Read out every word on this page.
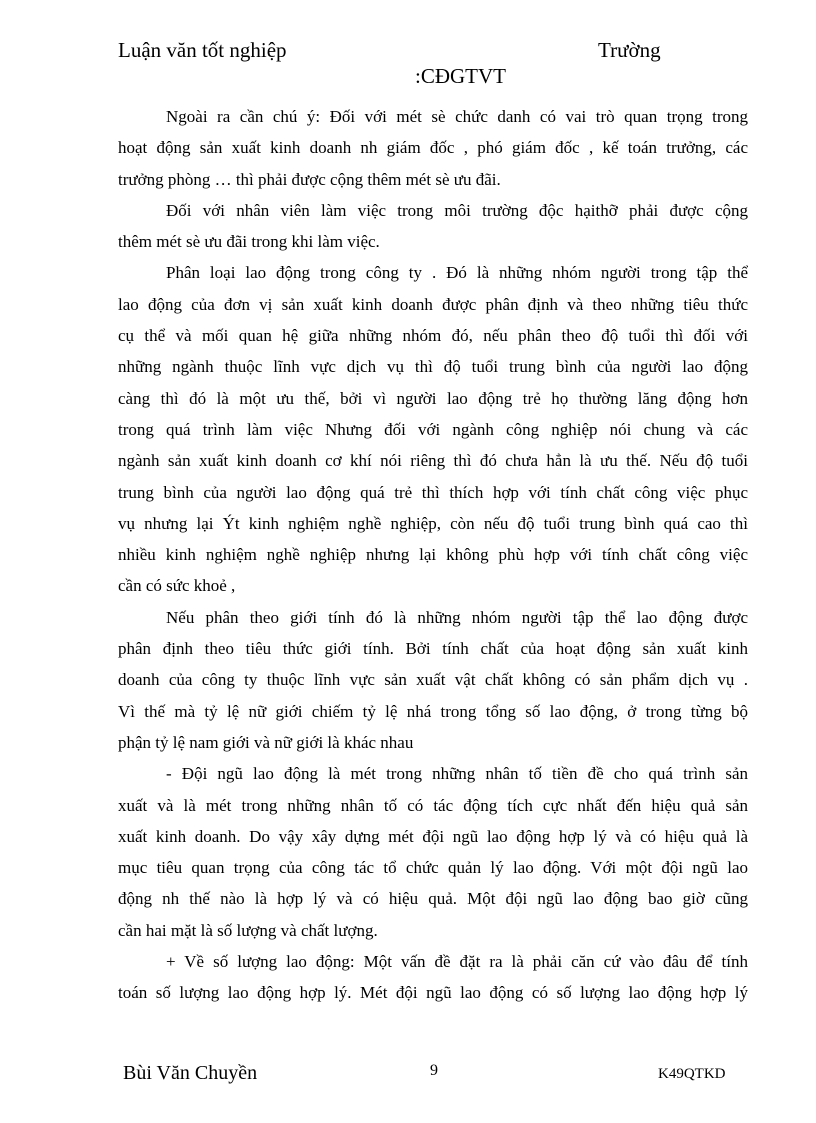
Luận văn tốt nghiệp	Trường
:CĐGTVT
Ngoài ra cần chú ý: Đối với mét sè chức danh có vai trò quan trọng trong
hoạt động sản xuất kinh doanh nh giám đốc , phó giám đốc , kế toán trưởng, các
trưởng phòng … thì phải được cộng thêm mét sè ưu đãi.
Đối với nhân viên làm việc trong môi trường độc hạithỡ phải được cộng
thêm mét sè ưu đãi trong khi làm việc.
Phân loại lao động trong công ty . Đó là những nhóm người trong tập thể
lao động của đơn vị sản xuất kinh doanh được phân định và theo những tiêu thức
cụ thể và mối quan hệ giữa những nhóm đó, nếu phân theo độ tuổi thì đối với
những ngành thuộc lĩnh vực dịch vụ thì độ tuổi trung bình của người lao động
càng thì đó là một ưu thế, bởi vì người lao động trẻ họ thường lăng động hơn
trong quá trình làm việc Nhưng đối với ngành công nghiệp nói chung và các
ngành sản xuất kinh doanh cơ khí nói riêng thì đó chưa hẳn là ưu thế. Nếu độ tuổi
trung bình của người lao động quá trẻ thì thích hợp với tính chất công việc phục
vụ nhưng lại Ýt kinh nghiệm nghề nghiệp, còn nếu độ tuổi trung bình quá cao thì
nhiều kinh nghiệm nghề nghiệp nhưng lại không phù hợp với tính chất công việc
cần có sức khoẻ ,
Nếu phân theo giới tính đó là những nhóm người tập thể lao động được
phân định theo tiêu thức giới tính. Bởi tính chất của hoạt động sản xuất kinh
doanh của công ty thuộc lĩnh vực sản xuất vật chất không có sản phẩm dịch vụ .
Vì thế mà tỷ lệ nữ giới chiếm tỷ lệ nhá trong tổng số lao động, ở trong từng bộ
phận tỷ lệ nam giới và nữ giới là khác nhau
- Đội ngũ lao động là mét trong những nhân tố tiền đề cho quá trình sản
xuất và là mét trong những nhân tố có tác động tích cực nhất đến hiệu quả sản
xuất kinh doanh. Do vậy xây dựng mét đội ngũ lao động hợp lý và có hiệu quả là
mục tiêu quan trọng của công tác tổ chức quản lý lao động. Với một đội ngũ lao
động nh thế nào là hợp lý và có hiệu quả. Một đội ngũ lao động bao giờ cũng
cần hai mặt là số lượng và chất lượng.
+ Về số lượng lao động: Một vấn đề đặt ra là phải căn cứ vào đâu để tính
toán số lượng lao động hợp lý. Mét đội ngũ lao động có số lượng lao động hợp lý
Bùi Văn Chuyền	9	K49QTKD
